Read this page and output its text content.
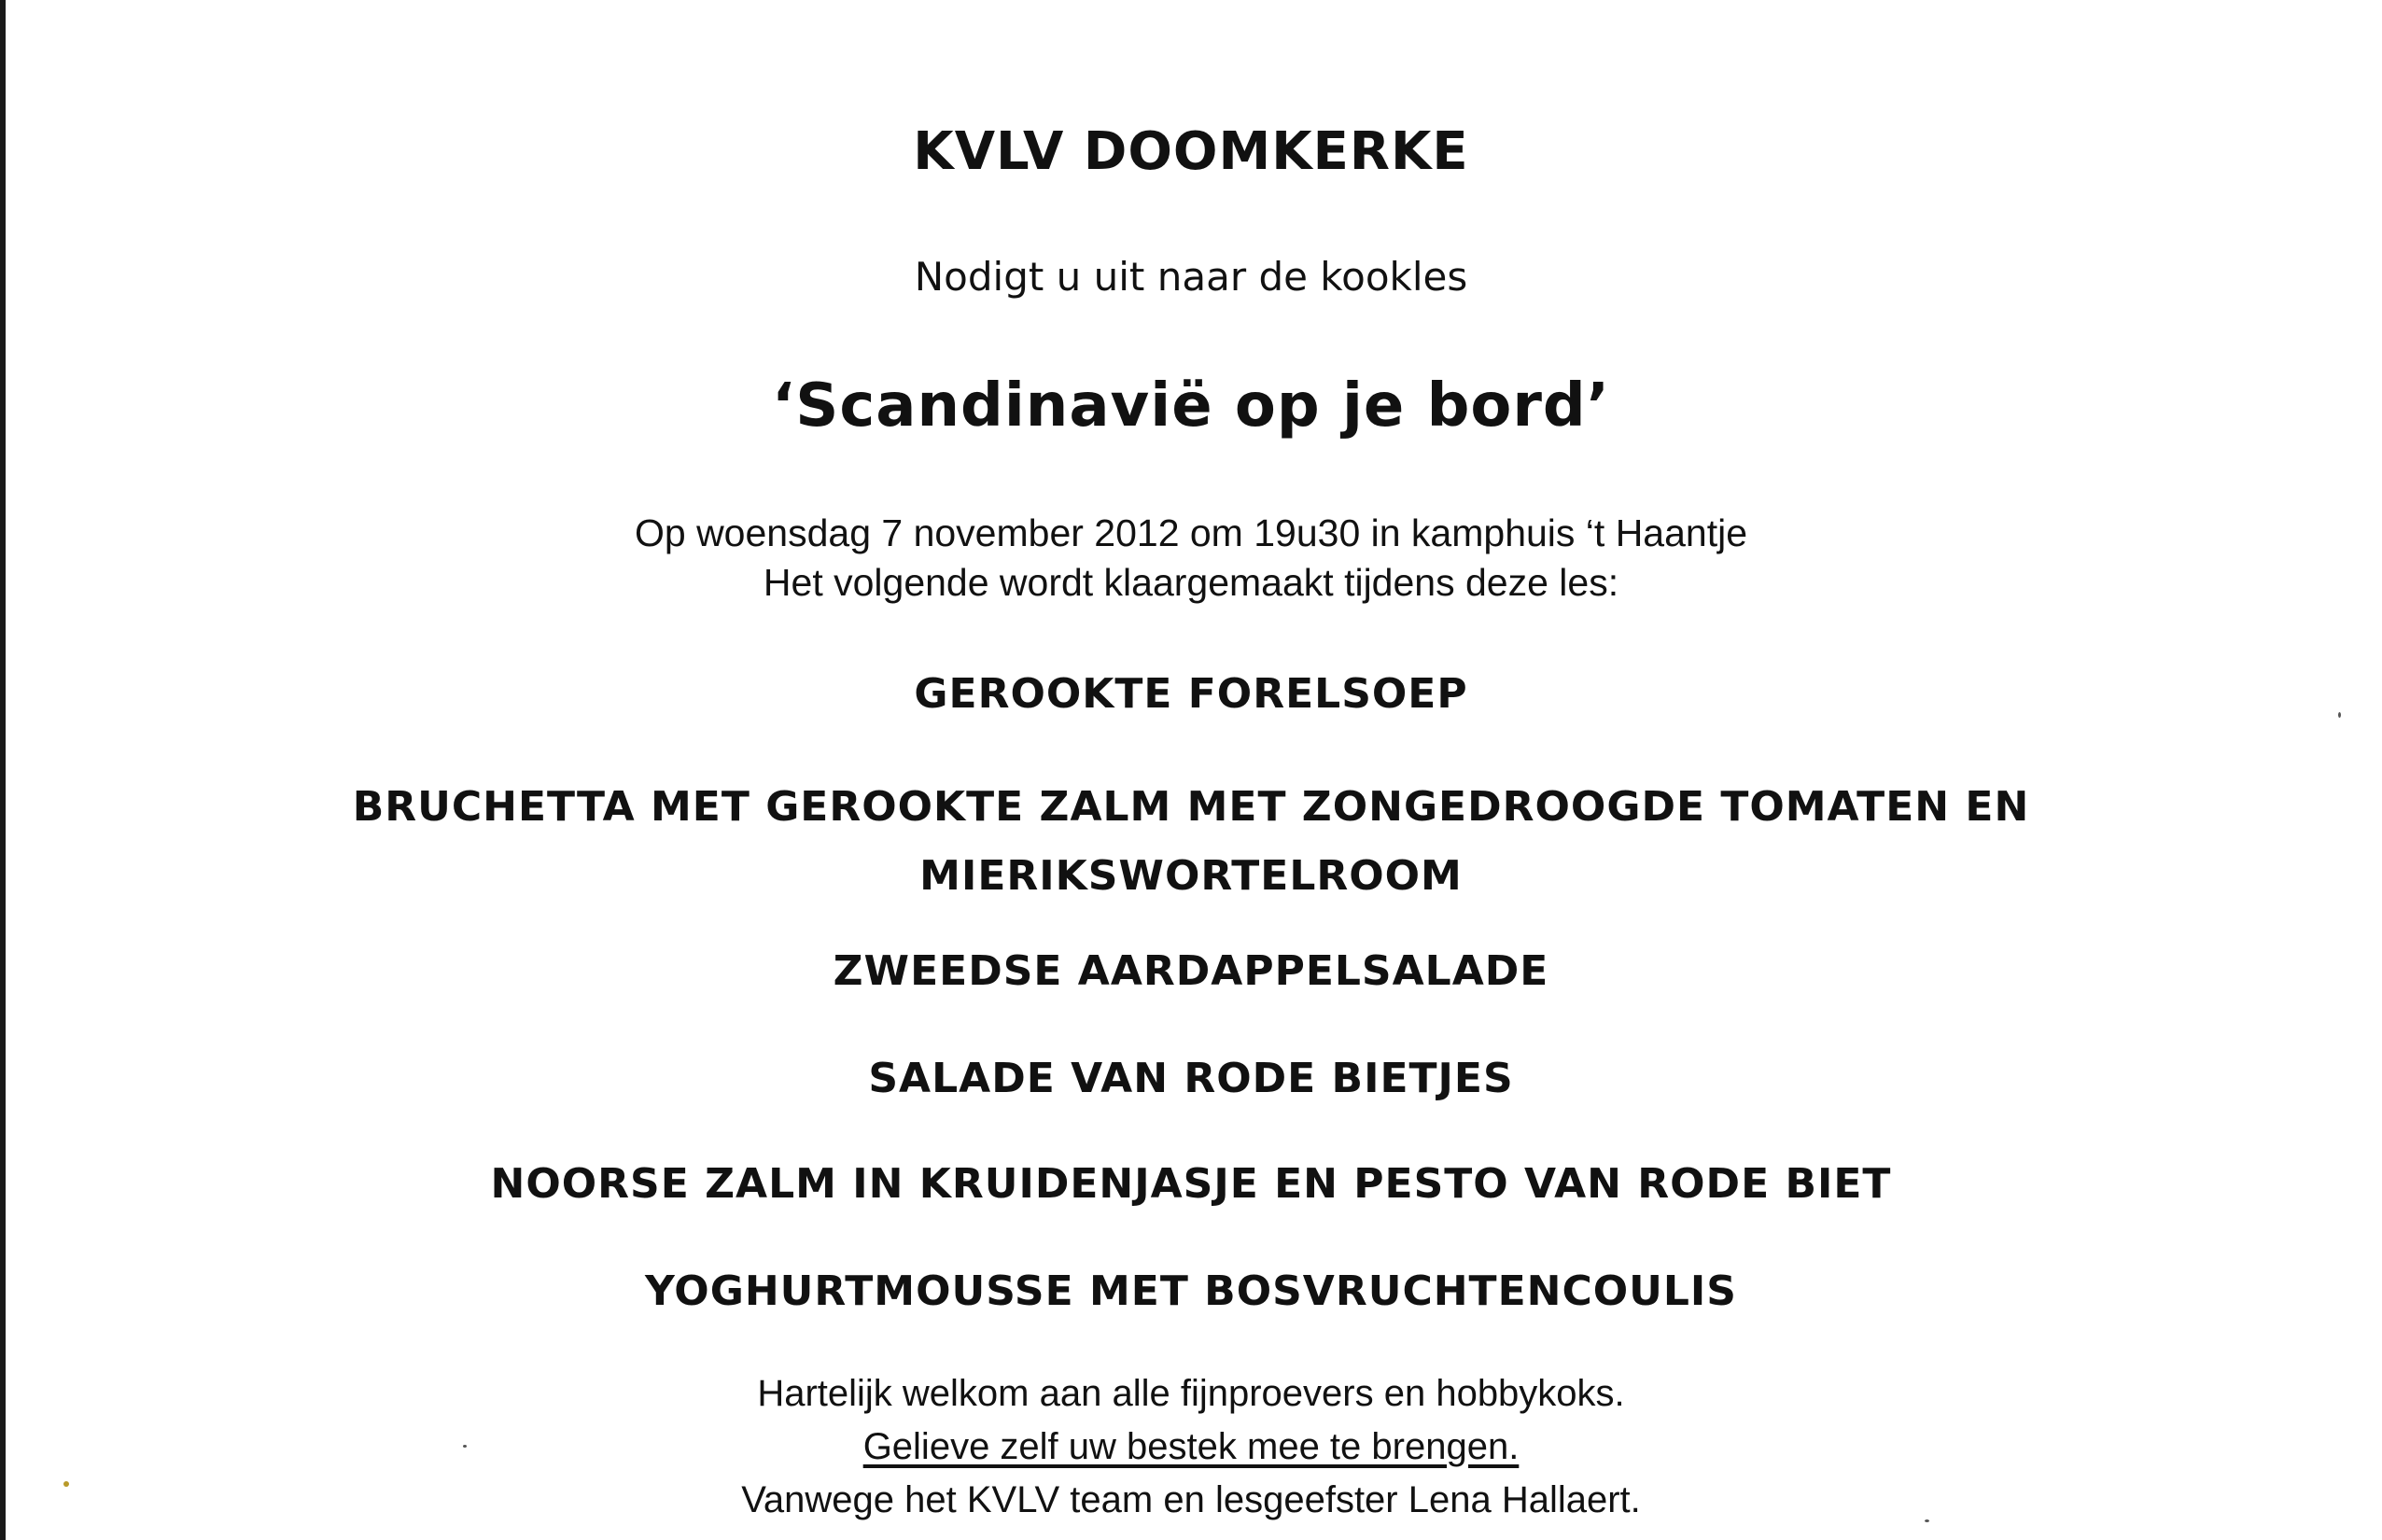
KVLV DOOMKERKE
Nodigt u uit naar de kookles
‘Scandinavië op je bord’
Op woensdag 7 november 2012 om 19u30 in kamphuis ‘t Haantje
Het volgende wordt klaargemaakt tijdens deze les:
GEROOKTE FORELSOEP
BRUCHETTA MET GEROOKTE ZALM MET ZONGEDROOGDE TOMATEN EN
MIERIKSWORTELROOM
ZWEEDSE AARDAPPELSALADE
SALADE VAN RODE BIETJES
NOORSE ZALM IN KRUIDENJASJE EN PESTO VAN RODE BIET
YOGHURTMOUSSE MET BOSVRUCHTENCOULIS
Hartelijk welkom aan alle fijnproevers en hobbykoks.
Gelieve zelf uw bestek mee te brengen.
Vanwege het KVLV team en lesgeefster Lena Hallaert.
